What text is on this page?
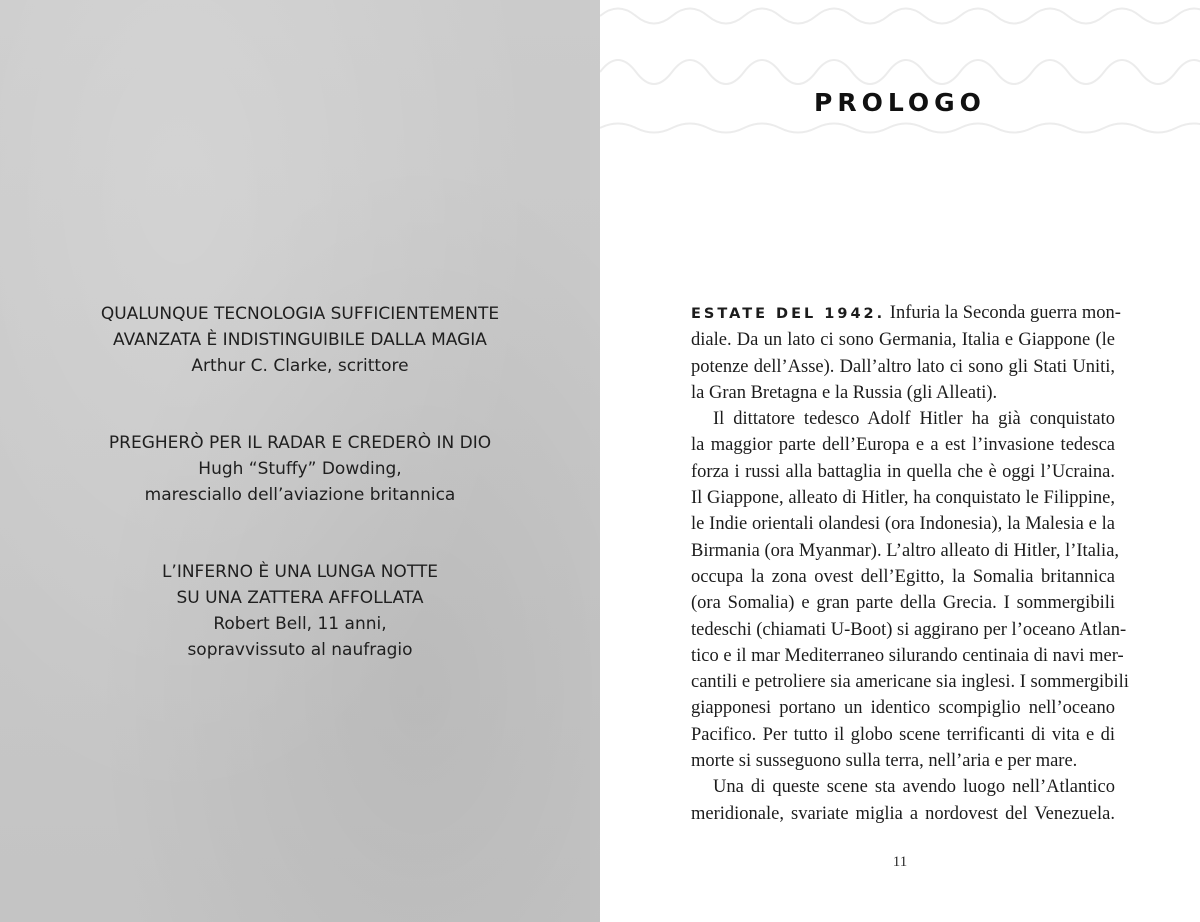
QUALUNQUE TECNOLOGIA SUFFICIENTEMENTE
AVANZATA È INDISTINGUIBILE DALLA MAGIA
Arthur C. Clarke, scrittore
PREGHERÒ PER IL RADAR E CREDERÒ IN DIO
Hugh “Stuffy” Dowding,
maresciallo dell’aviazione britannica
L’INFERNO È UNA LUNGA NOTTE
SU UNA ZATTERA AFFOLLATA
Robert Bell, 11 anni,
sopravvissuto al naufragio
PROLOGO
ESTATE DEL 1942. Infuria la Seconda guerra mon-
diale. Da un lato ci sono Germania, Italia e Giappone (le
potenze dell’Asse). Dall’altro lato ci sono gli Stati Uniti,
la Gran Bretagna e la Russia (gli Alleati).
Il dittatore tedesco Adolf Hitler ha già conquistato
la maggior parte dell’Europa e a est l’invasione tedesca
forza i russi alla battaglia in quella che è oggi l’Ucraina.
Il Giappone, alleato di Hitler, ha conquistato le Filippine,
le Indie orientali olandesi (ora Indonesia), la Malesia e la
Birmania (ora Myanmar). L’altro alleato di Hitler, l’Italia,
occupa la zona ovest dell’Egitto, la Somalia britannica
(ora Somalia) e gran parte della Grecia. I sommergibili
tedeschi (chiamati U-Boot) si aggirano per l’oceano Atlan-
tico e il mar Mediterraneo silurando centinaia di navi mer-
cantili e petroliere sia americane sia inglesi. I sommergibili
giapponesi portano un identico scompiglio nell’oceano
Pacifico. Per tutto il globo scene terrificanti di vita e di
morte si susseguono sulla terra, nell’aria e per mare.
Una di queste scene sta avendo luogo nell’Atlantico
meridionale, svariate miglia a nordovest del Venezuela.
11
